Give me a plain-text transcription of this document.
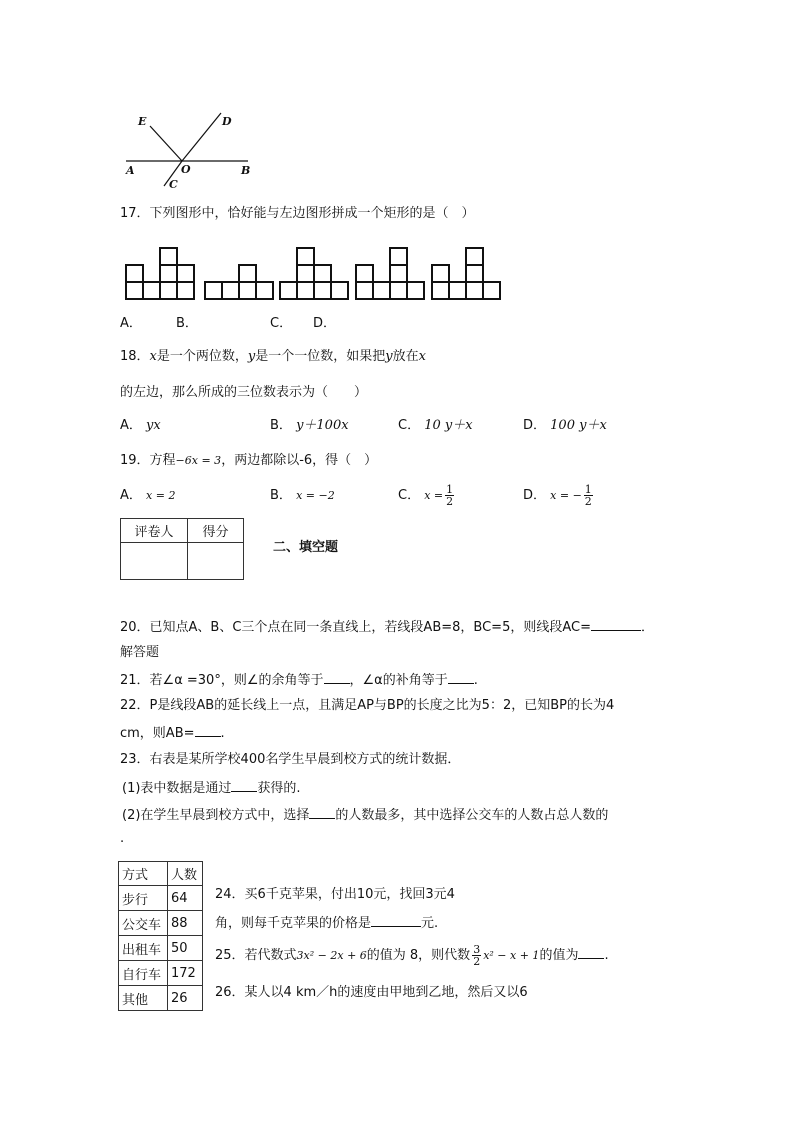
E	D
A	O	B
C
17．下列图形中，恰好能与左边图形拼成一个矩形的是（　）
A．	B．	C． D．
18．x是一个两位数，y是一个一位数，如果把y放在x
的左边，那么所成的三位数表示为（　　）
A． yx	B． y＋100x	C． 10 y＋x	D． 100 y＋x
19．方程−6x = 3，两边都除以-6，得（　）
A． x = 2	B． x = −2	C． $x = \frac{1}{2}$	D． x = − $\frac{1}{2}$
评卷人	得分

二、填空题
20．已知点A、B、C三个点在同一条直线上，若线段AB=8，BC=5，则线段AC=	．
解答题
21．若∠α =30°，则∠的余角等于 ，∠α的补角等于 .
22．P是线段AB的延长线上一点，且满足AP与BP的长度之比为5：2，已知BP的长为4
cm，则AB= .
23．右表是某所学校400名学生早晨到校方式的统计数据．
(1)表中数据是通过 获得的.
(2)在学生早晨到校方式中，选择 的人数最多，其中选择公交车的人数占总人数的
.
方式	人数
步行	64
公交车	88
出租车	50
自行车	172
其他	26
24．买6千克苹果，付出10元，找回3元4
角，则每千克苹果的价格是	元.
25．若代数式3x² − 2x + 6的值为 8，则代数 $\frac{3}{2} x^2 - x + 1$的值为 .
26．某人以4 km／h的速度由甲地到乙地，然后又以6
